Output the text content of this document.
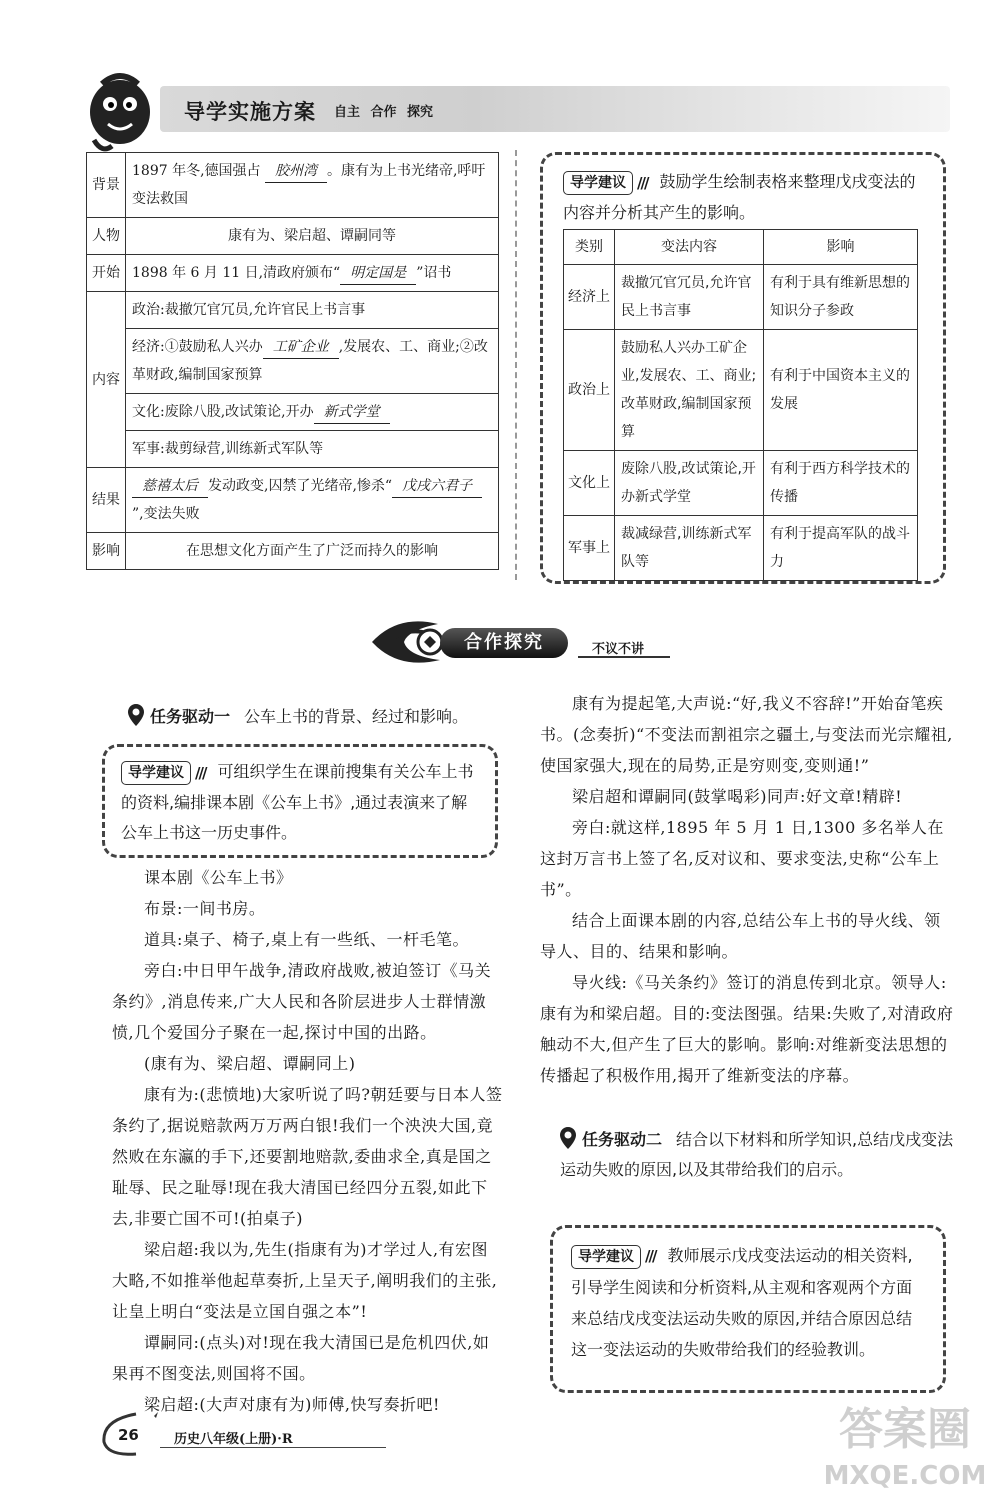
导学实施方案 自主 合作 探究
背景	1897 年冬,德国强占 胶州湾 。康有为上书光绪帝,呼吁变法救国
人物	康有为、梁启超、谭嗣同等
开始	1898 年 6 月 11 日,清政府颁布“ 明定国是 ”诏书
内容	政治:裁撤冗官冗员,允许官民上书言事
	经济:①鼓励私人兴办 工矿企业 ,发展农、工、商业;②改革财政,编制国家预算
	文化:废除八股,改试策论,开办 新式学堂
	军事:裁剪绿营,训练新式军队等
结果	慈禧太后 发动政变,囚禁了光绪帝,惨杀“ 戊戌六君子”,变法失败
影响	在思想文化方面产生了广泛而持久的影响
导学建议 /// 鼓励学生绘制表格来整理戊戌变法的内容并分析其产生的影响。
类别	变法内容	影响
经济上	裁撤冗官冗员,允许官民上书言事	有利于具有维新思想的知识分子参政
政治上	鼓励私人兴办工矿企业,发展农、工、商业;改革财政,编制国家预算	有利于中国资本主义的发展
文化上	废除八股,改试策论,开办新式学堂	有利于西方科学技术的传播
军事上	裁减绿营,训练新式军队等	有利于提高军队的战斗力
合作探究	不议不讲
任务驱动一 公车上书的背景、经过和影响。
导学建议 /// 可组织学生在课前搜集有关公车上书的资料,编排课本剧《公车上书》,通过表演来了解公车上书这一历史事件。

课本剧《公车上书》

布景:一间书房。

道具:桌子、椅子,桌上有一些纸、一杆毛笔。

旁白:中日甲午战争,清政府战败,被迫签订《马关条约》,消息传来,广大人民和各阶层进步人士群情激愤,几个爱国分子聚在一起,探讨中国的出路。

(康有为、梁启超、谭嗣同上)

康有为:(悲愤地)大家听说了吗?朝廷要与日本人签条约了,据说赔款两万万两白银!我们一个泱泱大国,竟然败在东瀛的手下,还要割地赔款,委曲求全,真是国之耻辱、民之耻辱!现在我大清国已经四分五裂,如此下去,非要亡国不可!(拍桌子)

梁启超:我以为,先生(指康有为)才学过人,有宏图大略,不如推举他起草奏折,上呈天子,阐明我们的主张,让皇上明白“变法是立国自强之本”!

谭嗣同:(点头)对!现在我大清国已是危机四伏,如果再不图变法,则国将不国。

梁启超:(大声对康有为)师傅,快写奏折吧!

康有为提起笔,大声说:“好,我义不容辞!”开始奋笔疾书。(念奏折)“不变法而割祖宗之疆土,与变法而光宗耀祖,使国家强大,现在的局势,正是穷则变,变则通!”

梁启超和谭嗣同(鼓掌喝彩)同声:好文章!精辟!

旁白:就这样,1895 年 5 月 1 日,1300 多名举人在这封万言书上签了名,反对议和、要求变法,史称“公车上书”。

结合上面课本剧的内容,总结公车上书的导火线、领导人、目的、结果和影响。

导火线:《马关条约》签订的消息传到北京。领导人:康有为和梁启超。目的:变法图强。结果:失败了,对清政府触动不大,但产生了巨大的影响。影响:对维新变法思想的传播起了积极作用,揭开了维新变法的序幕。

任务驱动二 结合以下材料和所学知识,总结戊戌变法运动失败的原因,以及其带给我们的启示。
导学建议 /// 教师展示戊戌变法运动的相关资料,引导学生阅读和分析资料,从主观和客观两个方面来总结戊戌变法运动失败的原因,并结合原因总结这一变法运动的失败带给我们的经验教训。
26	历史八年级(上册)·R	答案圈
MXQE.COM
